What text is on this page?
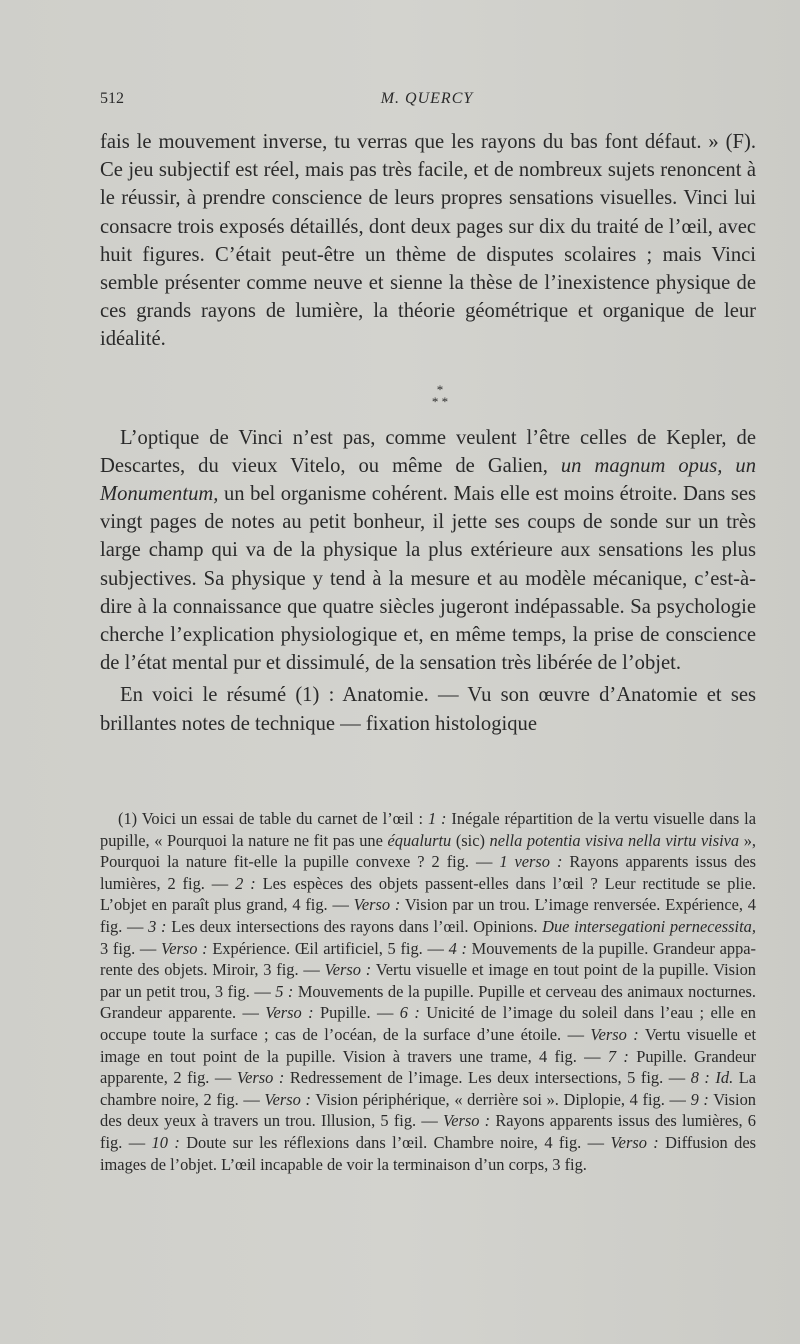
512	M. QUERCY

fais le mouvement inverse, tu verras que les rayons du bas font défaut. » (F). Ce jeu subjectif est réel, mais pas très facile, et de nombreux sujets renoncent à le réussir, à prendre conscience de leurs propres sensations visuelles. Vinci lui consacre trois exposés détaillés, dont deux pages sur dix du traité de l’œil, avec huit figures. C’était peut-être un thème de disputes scolaires ; mais Vinci semble présenter comme neuve et sienne la thèse de l’inexistence physique de ces grands rayons de lumière, la théorie géométrique et organique de leur idéalité.

*
* *

L’optique de Vinci n’est pas, comme veulent l’être celles de Kepler, de Descartes, du vieux Vitelo, ou même de Galien, un magnum opus, un Monumentum, un bel organisme cohérent. Mais elle est moins étroite. Dans ses vingt pages de notes au petit bonheur, il jette ses coups de sonde sur un très large champ qui va de la physique la plus extérieure aux sensations les plus subjectives. Sa physique y tend à la mesure et au modèle mécanique, c’est-à-dire à la connaissance que quatre siècles jugeront indépassable. Sa psychologie cherche l’explication physiologique et, en même temps, la prise de conscience de l’état mental pur et dissimulé, de la sensation très libérée de l’objet.

En voici le résumé (1) : Anatomie. — Vu son œuvre d’Anatomie et ses brillantes notes de technique — fixation histologique

(1) Voici un essai de table du carnet de l’œil : 1 : Inégale répartition de la vertu visuelle dans la pupille, « Pourquoi la nature ne fit pas une équalurtu (sic) nella potentia visiva nella virtu visiva », Pourquoi la nature fit-elle la pupille convexe ? 2 fig. — 1 verso : Rayons apparents issus des lumières, 2 fig. — 2 : Les espèces des objets passent-elles dans l’œil ? Leur rectitude se plie. L’objet en paraît plus grand, 4 fig. — Verso : Vision par un trou. L’image renversée. Expérience, 4 fig. — 3 : Les deux intersections des rayons dans l’œil. Opinions. Due intersegationi pernecessita, 3 fig. — Verso : Expérience. Œil artificiel, 5 fig. — 4 : Mouvements de la pupille. Grandeur apparente des objets. Miroir, 3 fig. — Verso : Vertu visuelle et image en tout point de la pupille. Vision par un petit trou, 3 fig. — 5 : Mouvements de la pupille. Pupille et cerveau des animaux nocturnes. Grandeur apparente. — Verso : Pupille. — 6 : Unicité de l’image du soleil dans l’eau ; elle en occupe toute la surface ; cas de l’océan, de la surface d’une étoile. — Verso : Vertu visuelle et image en tout point de la pupille. Vision à travers une trame, 4 fig. — 7 : Pupille. Grandeur apparente, 2 fig. — Verso : Redressement de l’image. Les deux intersections, 5 fig. — 8 : Id. La chambre noire, 2 fig. — Verso : Vision périphérique, « derrière soi ». Diplopie, 4 fig. — 9 : Vision des deux yeux à travers un trou. Illusion, 5 fig. — Verso : Rayons apparents issus des lumières, 6 fig. — 10 : Doute sur les réflexions dans l’œil. Chambre noire, 4 fig. — Verso : Diffusion des images de l’objet. L’œil incapable de voir la terminaison d’un corps, 3 fig.
